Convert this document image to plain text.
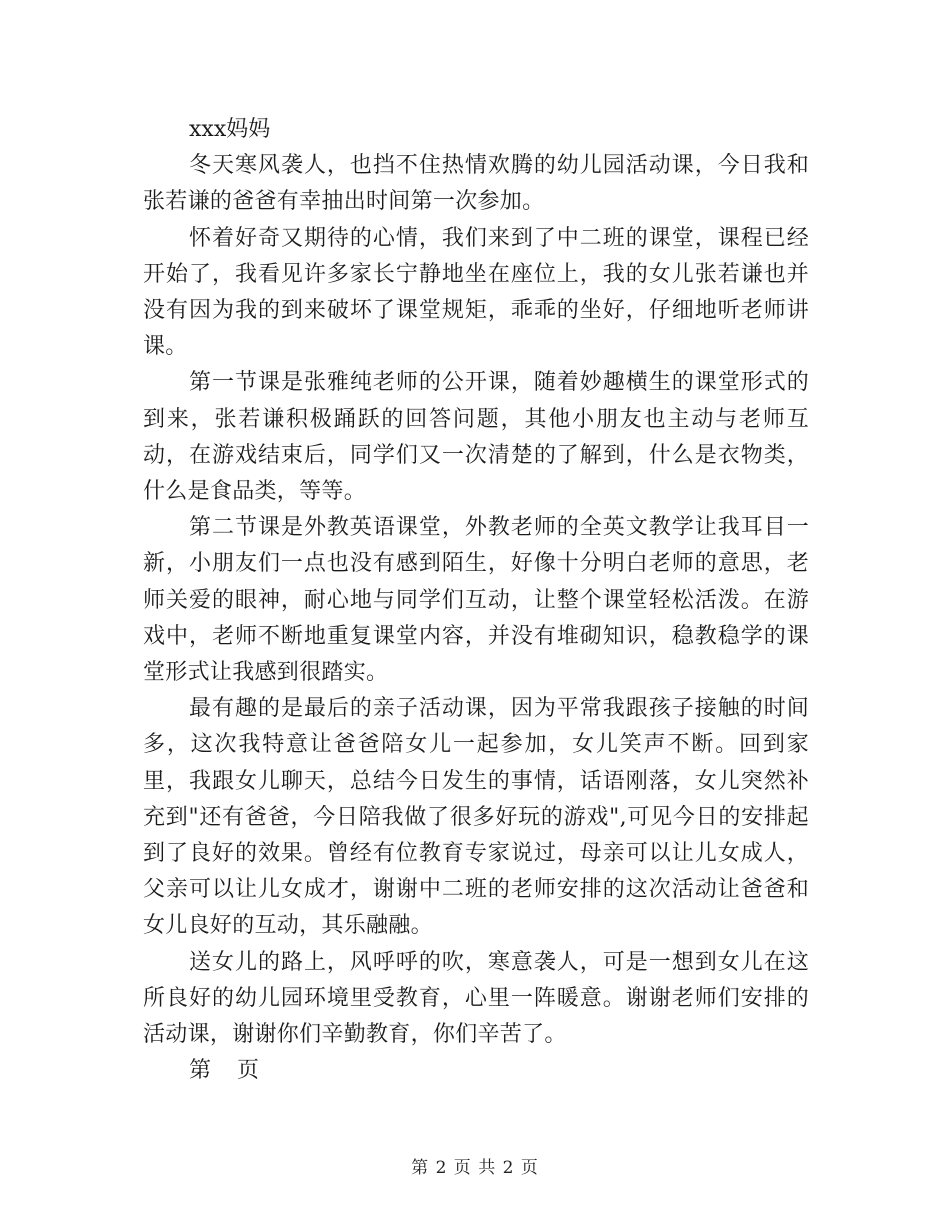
xxx妈妈

冬天寒风袭人，也挡不住热情欢腾的幼儿园活动课，今日我和张若谦的爸爸有幸抽出时间第一次参加。

怀着好奇又期待的心情，我们来到了中二班的课堂，课程已经开始了，我看见许多家长宁静地坐在座位上，我的女儿张若谦也并没有因为我的到来破坏了课堂规矩，乖乖的坐好，仔细地听老师讲课。

第一节课是张雅纯老师的公开课，随着妙趣横生的课堂形式的到来，张若谦积极踊跃的回答问题，其他小朋友也主动与老师互动，在游戏结束后，同学们又一次清楚的了解到，什么是衣物类，什么是食品类，等等。

第二节课是外教英语课堂，外教老师的全英文教学让我耳目一新，小朋友们一点也没有感到陌生，好像十分明白老师的意思，老师关爱的眼神，耐心地与同学们互动，让整个课堂轻松活泼。在游戏中，老师不断地重复课堂内容，并没有堆砌知识，稳教稳学的课堂形式让我感到很踏实。

最有趣的是最后的亲子活动课，因为平常我跟孩子接触的时间多，这次我特意让爸爸陪女儿一起参加，女儿笑声不断。回到家里，我跟女儿聊天，总结今日发生的事情，话语刚落，女儿突然补充到"还有爸爸，今日陪我做了很多好玩的游戏",可见今日的安排起到了良好的效果。曾经有位教育专家说过，母亲可以让儿女成人，父亲可以让儿女成才，谢谢中二班的老师安排的这次活动让爸爸和女儿良好的互动，其乐融融。

送女儿的路上，风呼呼的吹，寒意袭人，可是一想到女儿在这所良好的幼儿园环境里受教育，心里一阵暖意。谢谢老师们安排的活动课，谢谢你们辛勤教育，你们辛苦了。

第 页

第 2 页 共 2 页
